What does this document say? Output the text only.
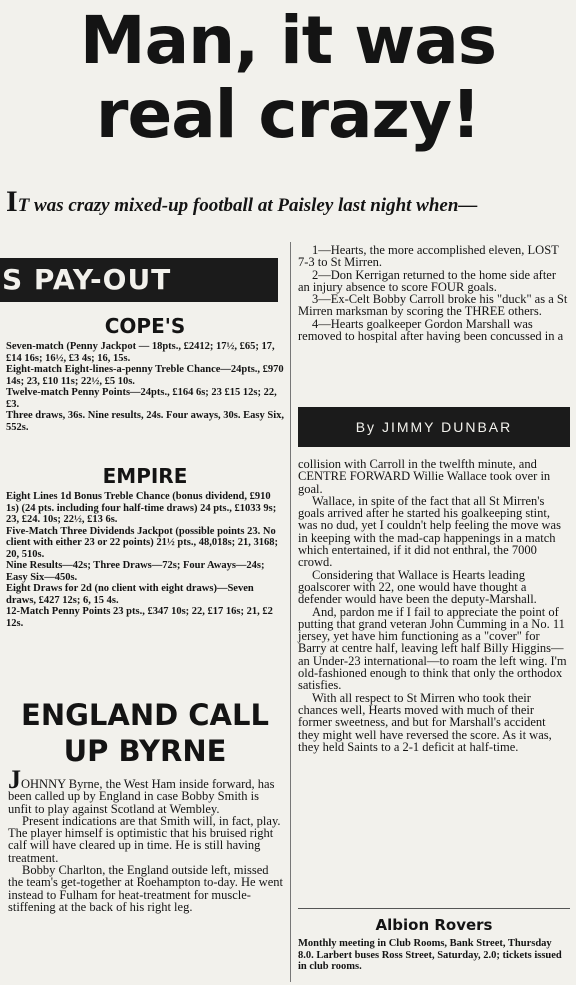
Man, it was
real crazy!

IT was crazy mixed-up football at Paisley last night when—

S PAY-OUT
COPE'S

Seven-match (Penny Jackpot — 18pts., £2412; 17½, £65; 17, £14 16s; 16½, £3 4s; 16, 15s.

Eight-match Eight-lines-a-penny Treble Chance—24pts., £970 14s; 23, £10 11s; 22½, £5 10s.

Twelve-match Penny Points—24pts., £164 6s; 23 £15 12s; 22, £3.

Three draws, 36s. Nine results, 24s. Four aways, 30s. Easy Six, 552s.

EMPIRE

Eight Lines 1d Bonus Treble Chance (bonus dividend, £910 1s) (24 pts. including four half-time draws) 24 pts., £1033 9s; 23, £24. 10s; 22½, £13 6s.

Five-Match Three Dividends Jackpot (possible points 23. No client with either 23 or 22 points) 21½ pts., 48,018s; 21, 3168; 20, 510s.

Nine Results—42s; Three Draws—72s; Four Aways—24s; Easy Six—450s.

Eight Draws for 2d (no client with eight draws)—Seven draws, £427 12s; 6, 15 4s.

12-Match Penny Points 23 pts., £347 10s; 22, £17 16s; 21, £2 12s.

ENGLAND CALL
UP BYRNE

JOHNNY Byrne, the West Ham inside forward, has been called up by England in case Bobby Smith is unfit to play against Scotland at Wembley.

Present indications are that Smith will, in fact, play. The player himself is optimistic that his bruised right calf will have cleared up in time. He is still having treatment.

Bobby Charlton, the England outside left, missed the team's get-together at Roehampton to-day. He went instead to Fulham for heat-treatment for muscle-stiffening at the back of his right leg.

1—Hearts, the more accomplished eleven, LOST 7-3 to St Mirren.

2—Don Kerrigan returned to the home side after an injury absence to score FOUR goals.

3—Ex-Celt Bobby Carroll broke his "duck" as a St Mirren marksman by scoring the THREE others.

4—Hearts goalkeeper Gordon Marshall was removed to hospital after having been concussed in a

By JIMMY DUNBAR

collision with Carroll in the twelfth minute, and CENTRE FORWARD Willie Wallace took over in goal.

Wallace, in spite of the fact that all St Mirren's goals arrived after he started his goalkeeping stint, was no dud, yet I couldn't help feeling the move was in keeping with the mad-cap happenings in a match which entertained, if it did not enthral, the 7000 crowd.

Considering that Wallace is Hearts leading goalscorer with 22, one would have thought a defender would have been the deputy-Marshall.

And, pardon me if I fail to appreciate the point of putting that grand veteran John Cumming in a No. 11 jersey, yet have him functioning as a "cover" for Barry at centre half, leaving left half Billy Higgins—an Under-23 international—to roam the left wing. I'm old-fashioned enough to think that only the orthodox satisfies.

With all respect to St Mirren who took their chances well, Hearts moved with much of their former sweetness, and but for Marshall's accident they might well have reversed the score. As it was, they held Saints to a 2-1 deficit at half-time.

Albion Rovers

Monthly meeting in Club Rooms, Bank Street, Thursday 8.0. Larbert buses Ross Street, Saturday, 2.0; tickets issued in club rooms.
